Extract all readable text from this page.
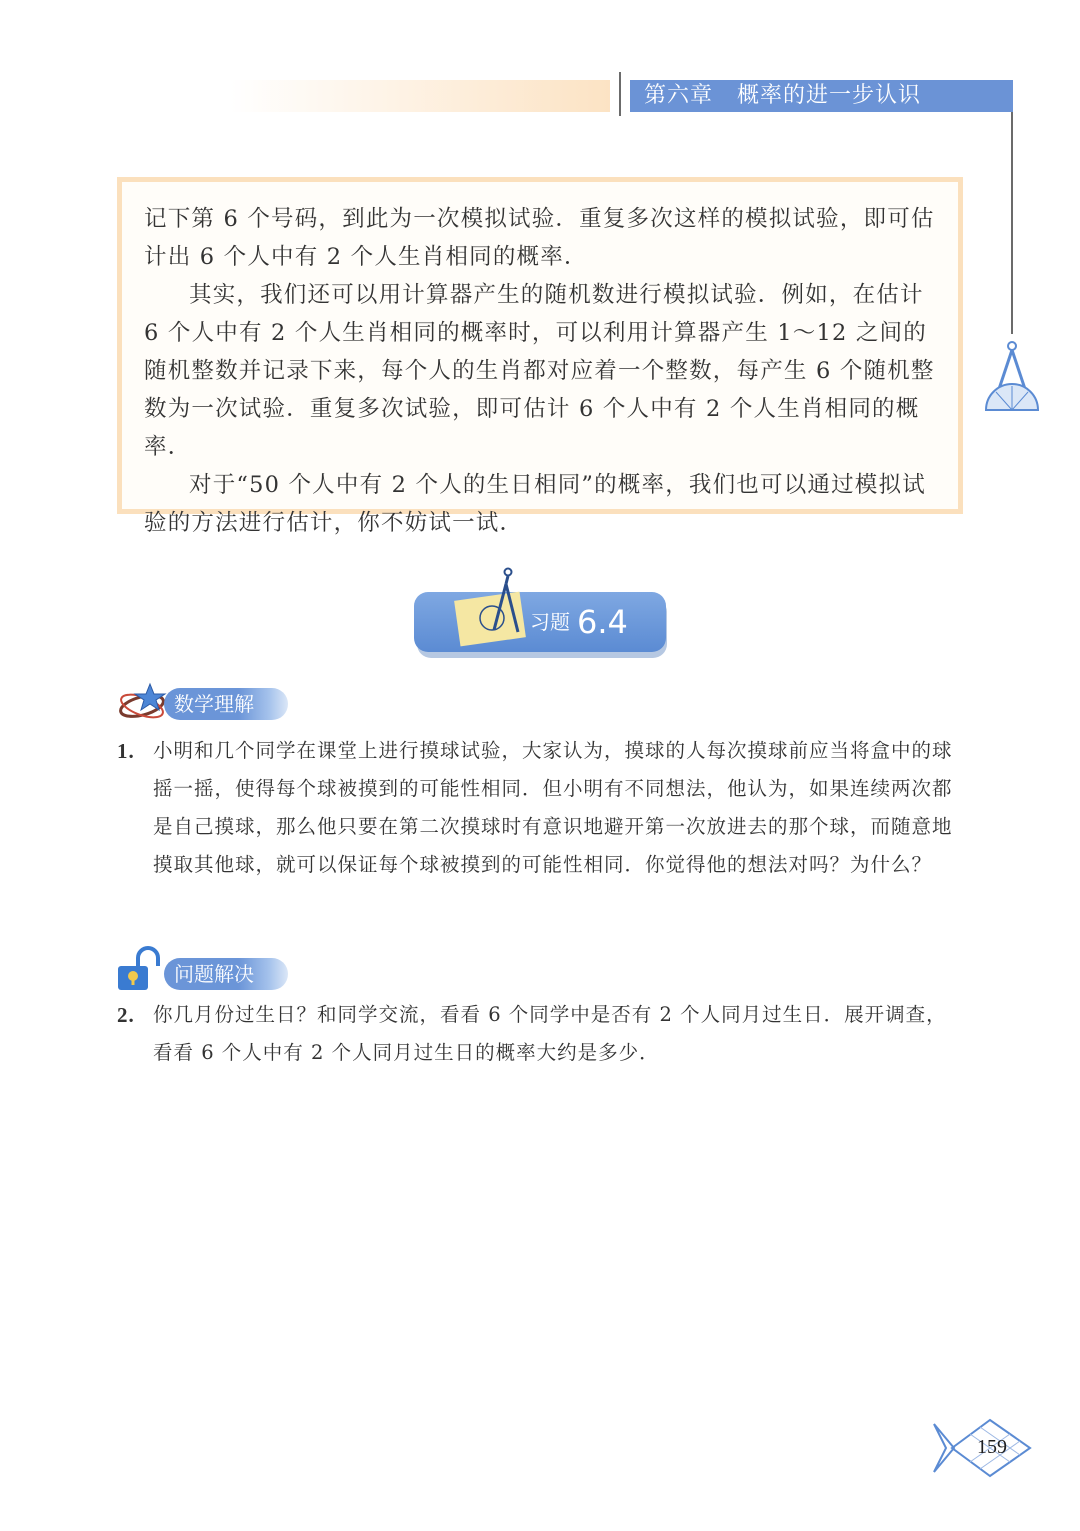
第六章 概率的进一步认识

记下第 6 个号码，到此为一次模拟试验．重复多次这样的模拟试验，即可估计出 6 个人中有 2 个人生肖相同的概率．

其实，我们还可以用计算器产生的随机数进行模拟试验．例如，在估计 6 个人中有 2 个人生肖相同的概率时，可以利用计算器产生 1～12 之间的随机整数并记录下来，每个人的生肖都对应着一个整数，每产生 6 个随机整数为一次试验．重复多次试验，即可估计 6 个人中有 2 个人生肖相同的概率．

对于“50 个人中有 2 个人的生日相同”的概率，我们也可以通过模拟试验的方法进行估计，你不妨试一试．

习题 6.4
数学理解
1. 小明和几个同学在课堂上进行摸球试验，大家认为，摸球的人每次摸球前应当将盒中的球摇一摇，使得每个球被摸到的可能性相同．但小明有不同想法，他认为，如果连续两次都是自己摸球，那么他只要在第二次摸球时有意识地避开第一次放进去的那个球，而随意地摸取其他球，就可以保证每个球被摸到的可能性相同．你觉得他的想法对吗？为什么？
问题解决
2. 你几月份过生日？和同学交流，看看 6 个同学中是否有 2 个人同月过生日．展开调查，看看 6 个人中有 2 个人同月过生日的概率大约是多少．
159
